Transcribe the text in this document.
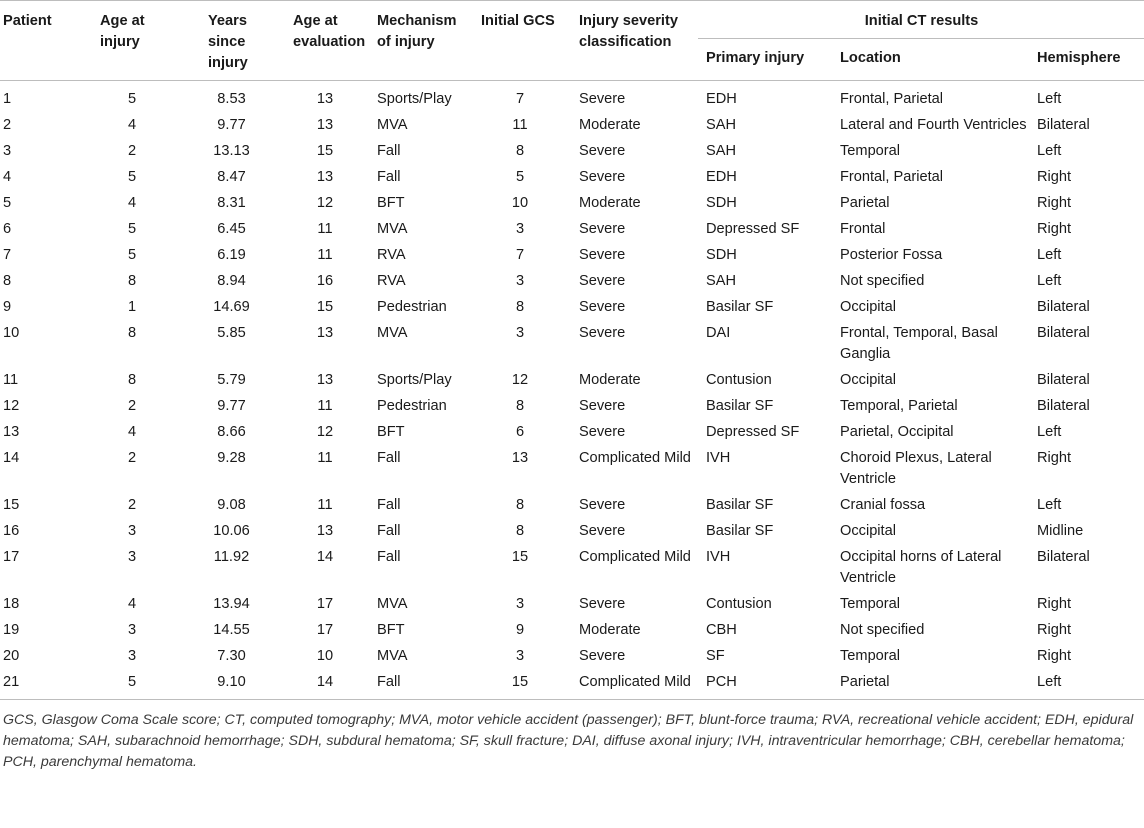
Patient	Age at injury	Years since injury	Age at evaluation	Mechanism of injury	Initial GCS	Injury severity classification	Initial CT results		
							Primary injury	Location	Hemisphere
1	5	8.53	13	Sports/Play	7	Severe	EDH	Frontal, Parietal	Left
2	4	9.77	13	MVA	11	Moderate	SAH	Lateral and Fourth Ventricles	Bilateral
3	2	13.13	15	Fall	8	Severe	SAH	Temporal	Left
4	5	8.47	13	Fall	5	Severe	EDH	Frontal, Parietal	Right
5	4	8.31	12	BFT	10	Moderate	SDH	Parietal	Right
6	5	6.45	11	MVA	3	Severe	Depressed SF	Frontal	Right
7	5	6.19	11	RVA	7	Severe	SDH	Posterior Fossa	Left
8	8	8.94	16	RVA	3	Severe	SAH	Not specified	Left
9	1	14.69	15	Pedestrian	8	Severe	Basilar SF	Occipital	Bilateral
10	8	5.85	13	MVA	3	Severe	DAI	Frontal, Temporal, Basal Ganglia	Bilateral
11	8	5.79	13	Sports/Play	12	Moderate	Contusion	Occipital	Bilateral
12	2	9.77	11	Pedestrian	8	Severe	Basilar SF	Temporal, Parietal	Bilateral
13	4	8.66	12	BFT	6	Severe	Depressed SF	Parietal, Occipital	Left
14	2	9.28	11	Fall	13	Complicated Mild	IVH	Choroid Plexus, Lateral Ventricle	Right
15	2	9.08	11	Fall	8	Severe	Basilar SF	Cranial fossa	Left
16	3	10.06	13	Fall	8	Severe	Basilar SF	Occipital	Midline
17	3	11.92	14	Fall	15	Complicated Mild	IVH	Occipital horns of Lateral Ventricle	Bilateral
18	4	13.94	17	MVA	3	Severe	Contusion	Temporal	Right
19	3	14.55	17	BFT	9	Moderate	CBH	Not specified	Right
20	3	7.30	10	MVA	3	Severe	SF	Temporal	Right
21	5	9.10	14	Fall	15	Complicated Mild	PCH	Parietal	Left
GCS, Glasgow Coma Scale score; CT, computed tomography; MVA, motor vehicle accident (passenger); BFT, blunt-force trauma; RVA, recreational vehicle accident; EDH, epidural hematoma; SAH, subarachnoid hemorrhage; SDH, subdural hematoma; SF, skull fracture; DAI, diffuse axonal injury; IVH, intraventricular hemorrhage; CBH, cerebellar hematoma; PCH, parenchymal hematoma.
